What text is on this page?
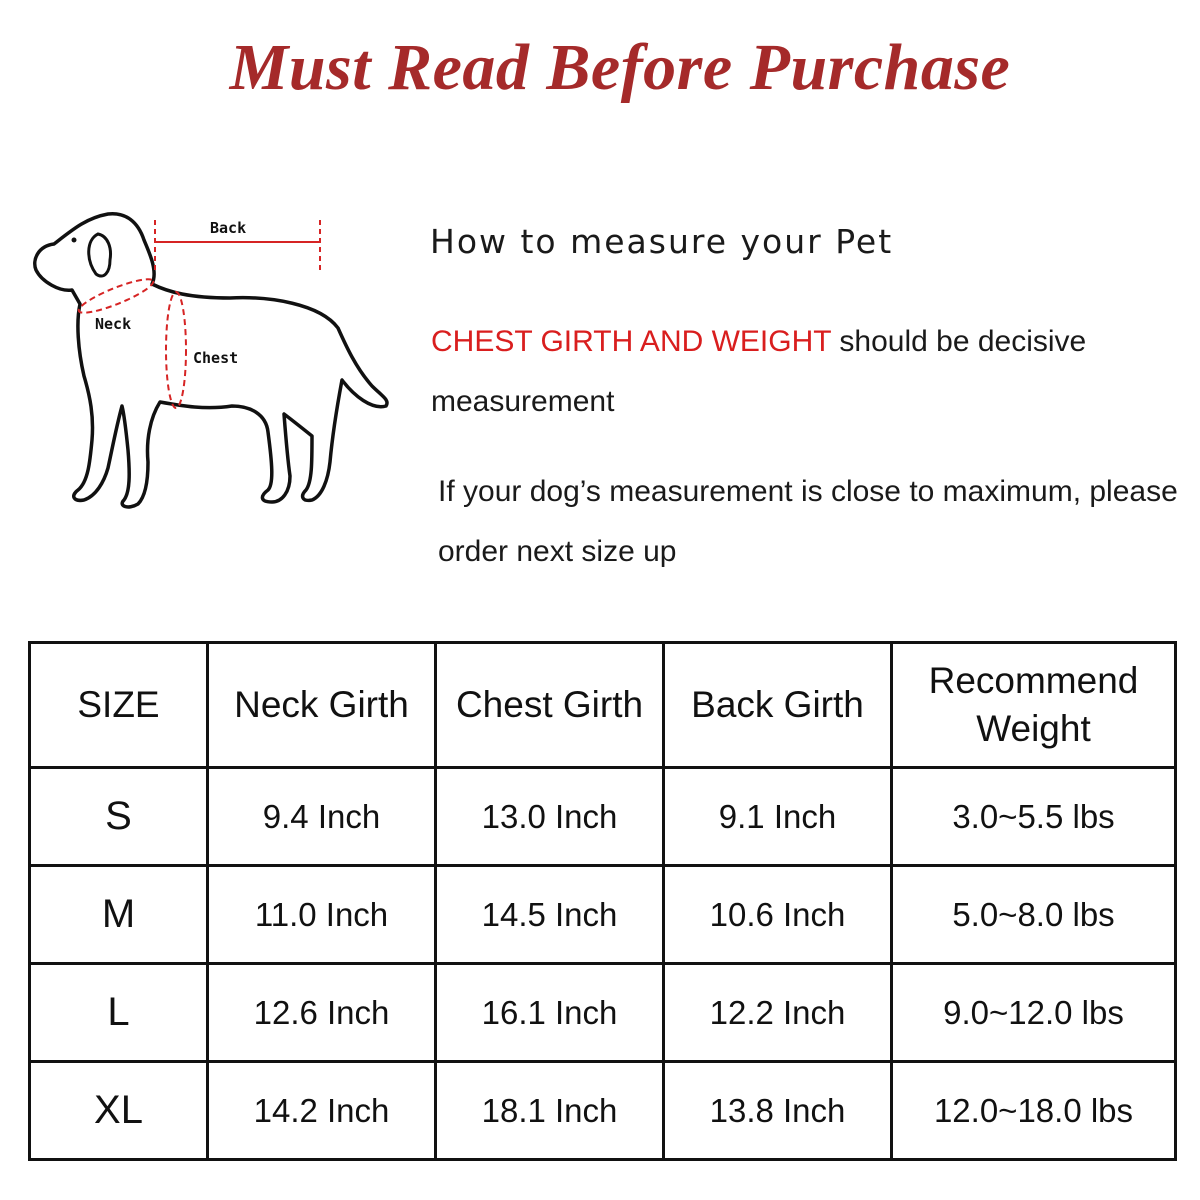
Must Read Before Purchase
Back
Neck
Chest
How to measure your Pet
CHEST GIRTH AND WEIGHT should be decisive measurement
If your dog’s measurement is close to maximum, please order next size up
SIZE	Neck Girth	Chest Girth	Back Girth	Recommend Weight
S	9.4 Inch	13.0 Inch	9.1 Inch	3.0~5.5 lbs
M	11.0 Inch	14.5 Inch	10.6 Inch	5.0~8.0 lbs
L	12.6 Inch	16.1 Inch	12.2 Inch	9.0~12.0 lbs
XL	14.2 Inch	18.1 Inch	13.8 Inch	12.0~18.0 lbs
